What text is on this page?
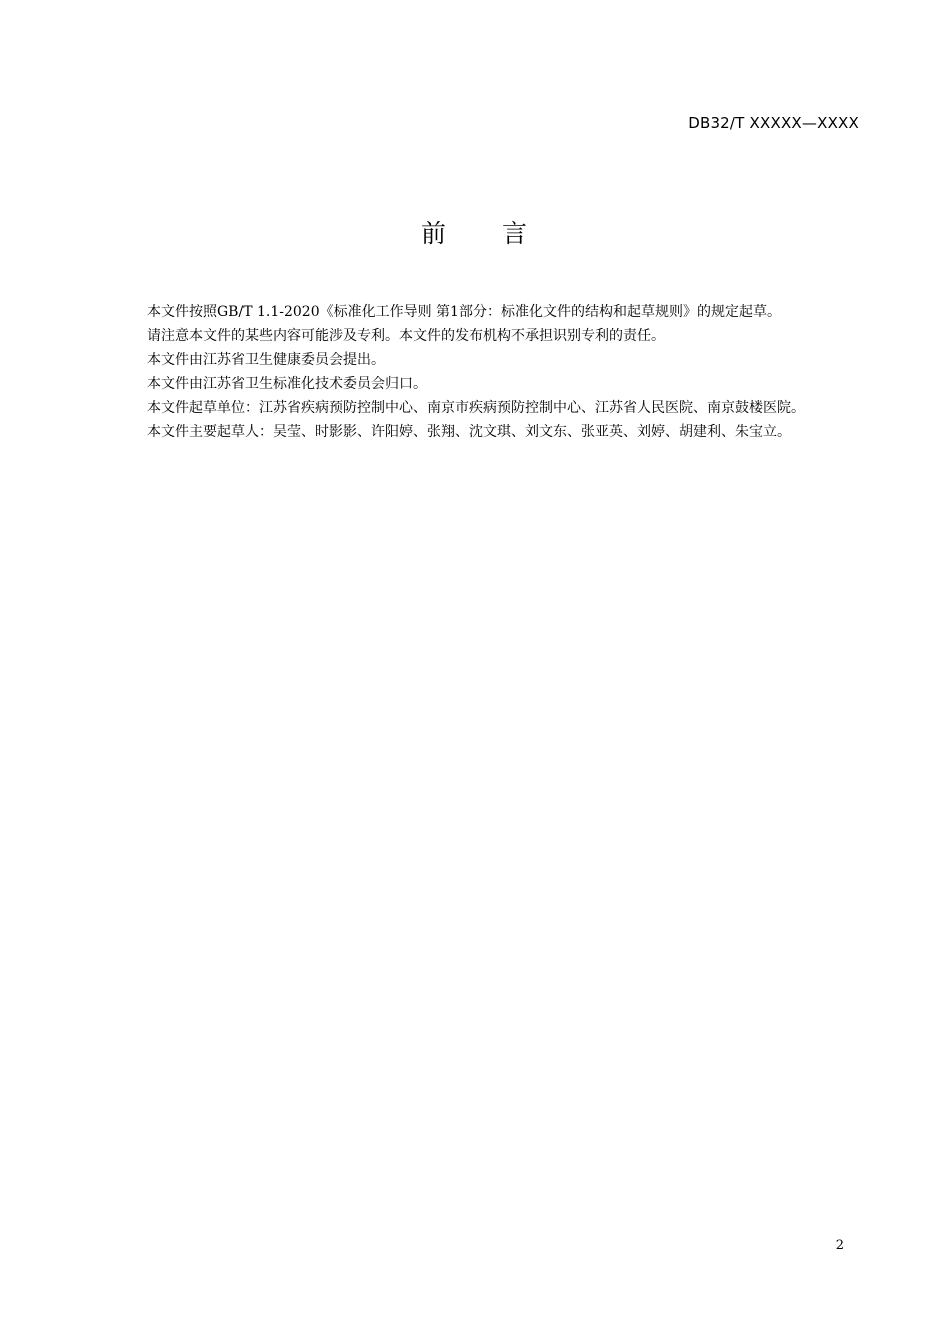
DB32/T XXXXX—XXXX
前　　言

本文件按照GB/T 1.1-2020《标准化工作导则 第1部分：标准化文件的结构和起草规则》的规定起草。

请注意本文件的某些内容可能涉及专利。本文件的发布机构不承担识别专利的责任。

本文件由江苏省卫生健康委员会提出。

本文件由江苏省卫生标准化技术委员会归口。

本文件起草单位：江苏省疾病预防控制中心、南京市疾病预防控制中心、江苏省人民医院、南京鼓楼医院。

本文件主要起草人：吴莹、时影影、许阳婷、张翔、沈文琪、刘文东、张亚英、刘婷、胡建利、朱宝立。

2
